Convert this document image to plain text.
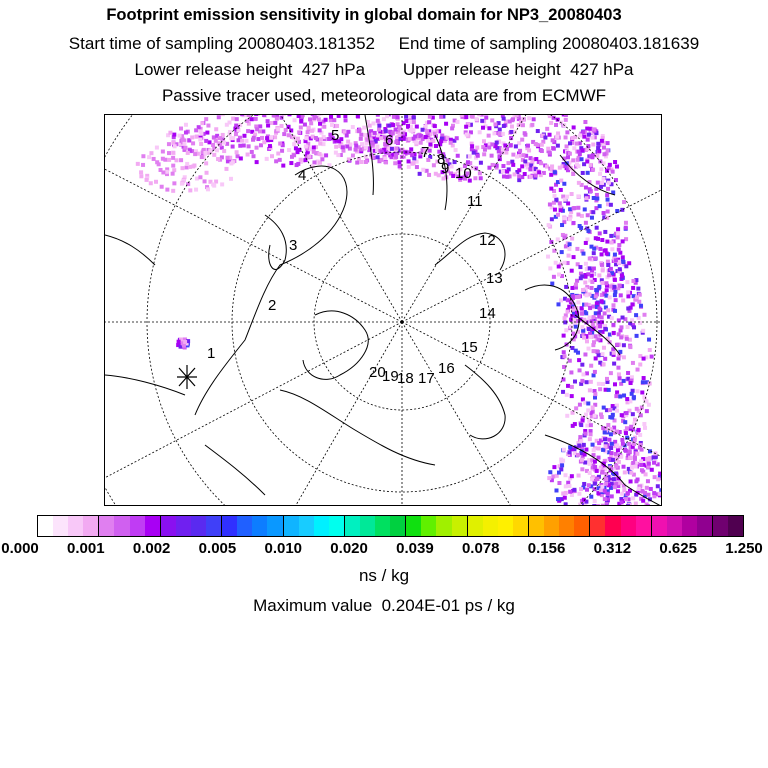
Footprint emission sensitivity in global domain for NP3_20080403
Start time of sampling 20080403.181352     End time of sampling 20080403.181639
Lower release height  427 hPa        Upper release height  427 hPa
Passive tracer used, meteorological data are from ECMWF
1
2
3
4
5	6
7 8
9 10
11
12
13
14
15
16
17
18
19
20
0.000 0.001 0.002 0.005 0.010 0.020 0.039 0.078 0.156 0.312 0.625 1.250
ns / kg
Maximum value  0.204E-01 ps / kg
